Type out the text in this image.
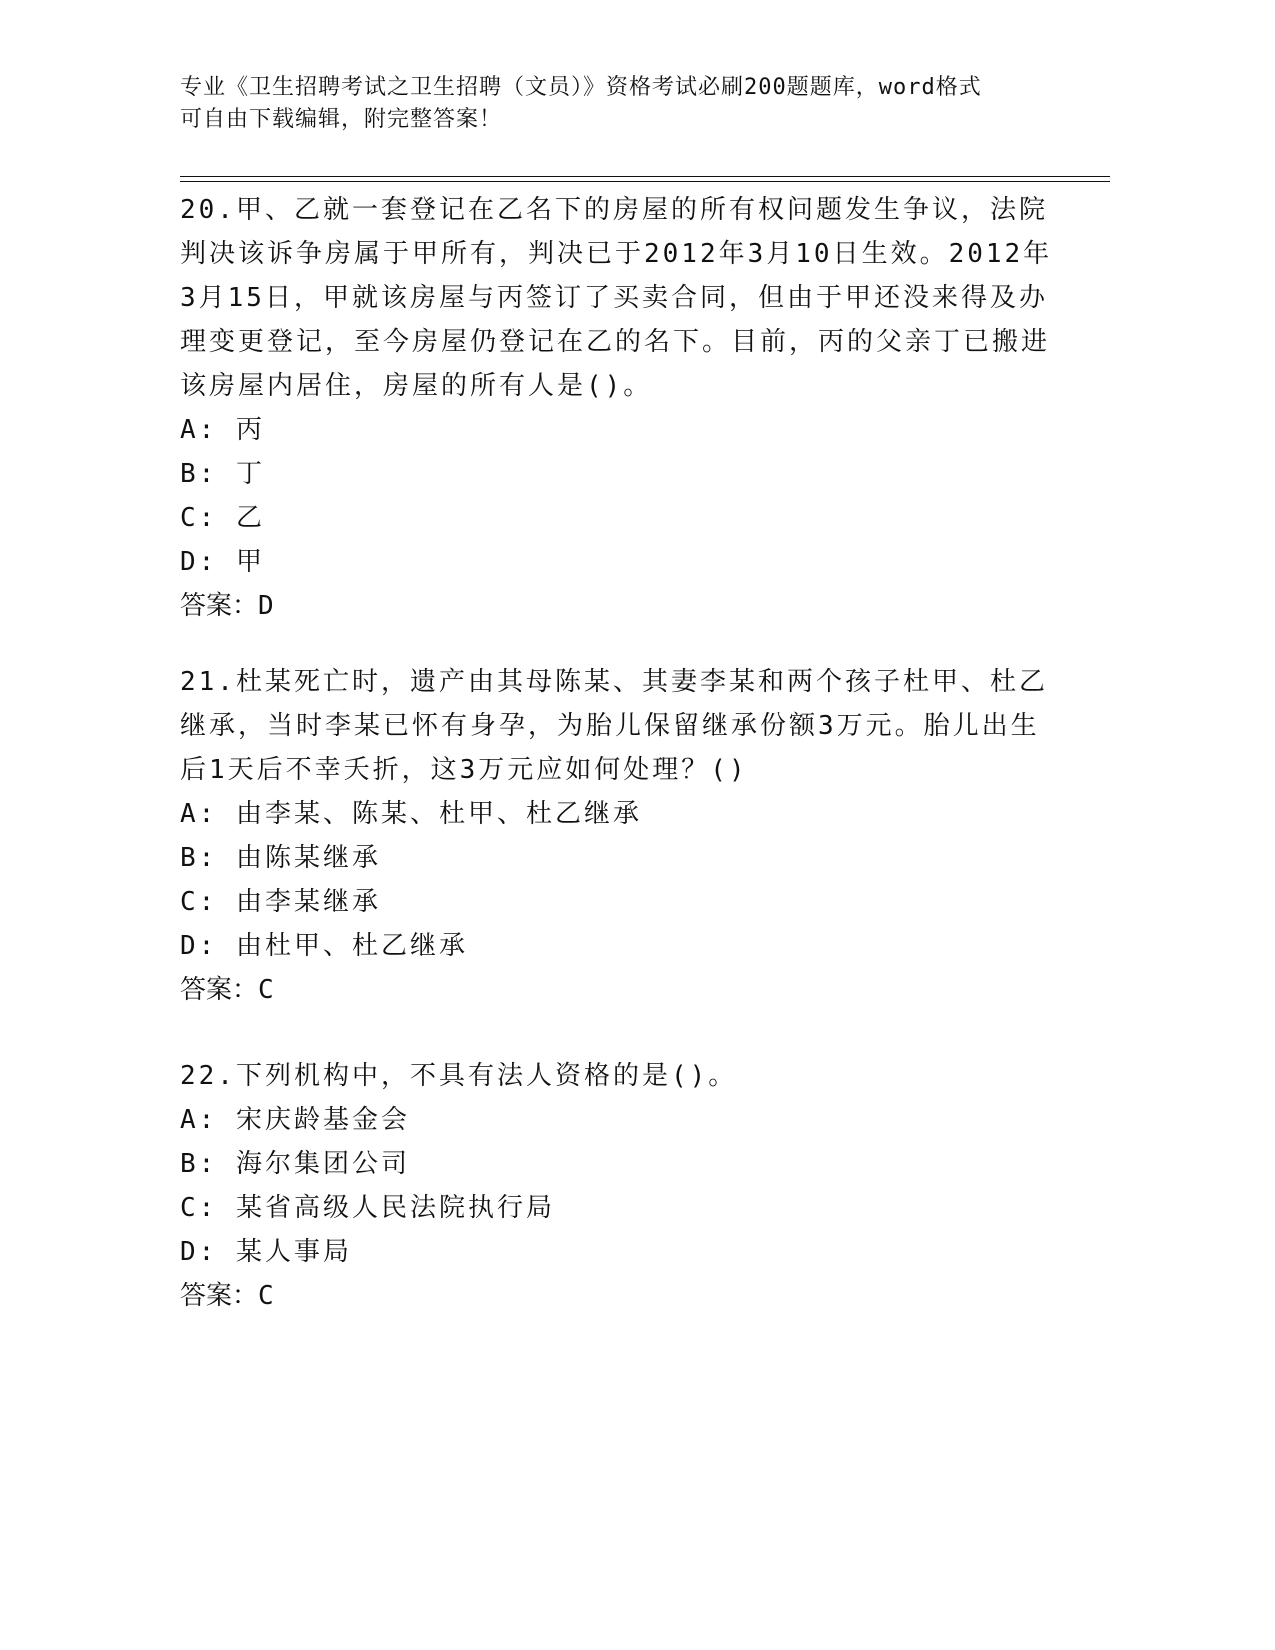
专业《卫生招聘考试之卫生招聘（文员）》资格考试必刷200题题库，word格式
可自由下载编辑，附完整答案！

20.甲、乙就一套登记在乙名下的房屋的所有权问题发生争议，法院判决该诉争房属于甲所有，判决已于2012年3月10日生效。2012年3月15日，甲就该房屋与丙签订了买卖合同，但由于甲还没来得及办理变更登记，至今房屋仍登记在乙的名下。目前，丙的父亲丁已搬进该房屋内居住，房屋的所有人是()。

A: 丙

B: 丁

C: 乙

D: 甲

答案：D

21.杜某死亡时，遗产由其母陈某、其妻李某和两个孩子杜甲、杜乙继承，当时李某已怀有身孕，为胎儿保留继承份额3万元。胎儿出生后1天后不幸夭折，这3万元应如何处理？()

A: 由李某、陈某、杜甲、杜乙继承

B: 由陈某继承

C: 由李某继承

D: 由杜甲、杜乙继承

答案：C

22.下列机构中，不具有法人资格的是()。

A: 宋庆龄基金会

B: 海尔集团公司

C: 某省高级人民法院执行局

D: 某人事局

答案：C
